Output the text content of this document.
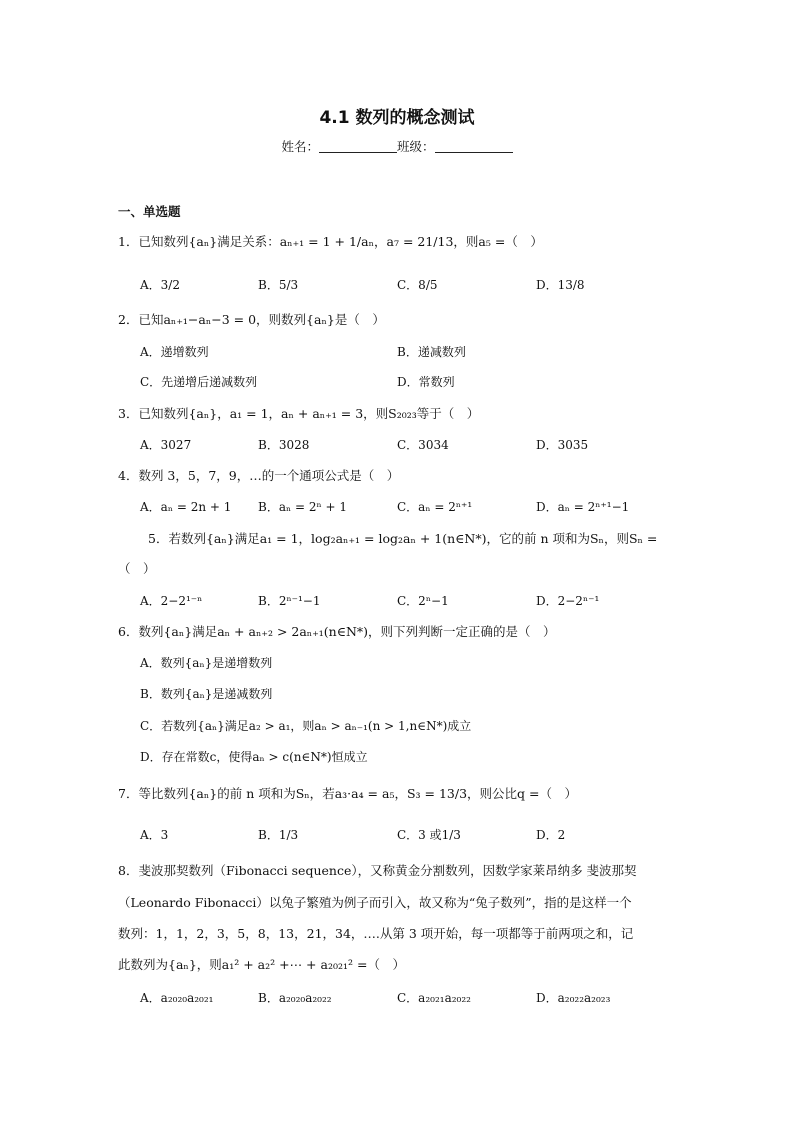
4.1 数列的概念测试
姓名：	班级：
一、单选题
1．已知数列{aₙ}满足关系：aₙ₊₁ = 1 + 1/aₙ，a₇ = 21/13，则a₅ =（　）
A．3/2	B．5/3	C．8/5	D．13/8
2．已知aₙ₊₁−aₙ−3 = 0，则数列{aₙ}是（　）
A．递增数列	B．递减数列
C．先递增后递减数列	D．常数列
3．已知数列{aₙ}，a₁ = 1，aₙ + aₙ₊₁ = 3，则S₂₀₂₃等于（　）
A．3027	B．3028	C．3034	D．3035
4．数列 3，5，7，9，…的一个通项公式是（　）
A．aₙ = 2n + 1 B．aₙ = 2ⁿ + 1	C．aₙ = 2ⁿ⁺¹	D．aₙ = 2ⁿ⁺¹−1
5．若数列{aₙ}满足a₁ = 1，log₂aₙ₊₁ = log₂aₙ + 1(n∈N*)，它的前 n 项和为Sₙ，则Sₙ =
（　）
A．2−2¹⁻ⁿ	B．2ⁿ⁻¹−1	C．2ⁿ−1	D．2−2ⁿ⁻¹
6．数列{aₙ}满足aₙ + aₙ₊₂ > 2aₙ₊₁(n∈N*)，则下列判断一定正确的是（　）
A．数列{aₙ}是递增数列
B．数列{aₙ}是递减数列
C．若数列{aₙ}满足a₂ > a₁，则aₙ > aₙ₋₁(n > 1,n∈N*)成立
D．存在常数c，使得aₙ > c(n∈N*)恒成立
7．等比数列{aₙ}的前 n 项和为Sₙ，若a₃·a₄ = a₅，S₃ = 13/3，则公比q =（　）
A．3	B．1/3	C．3 或1/3	D．2
8．斐波那契数列（Fibonacci sequence），又称黄金分割数列，因数学家莱昂纳多 斐波那契
（Leonardo Fibonacci）以兔子繁殖为例子而引入，故又称为“兔子数列”，指的是这样一个
数列：1，1，2，3，5，8，13，21，34，….从第 3 项开始，每一项都等于前两项之和，记
此数列为{aₙ}，则a₁² + a₂² +⋯ + a₂₀₂₁² =（　）
A．a₂₀₂₀a₂₀₂₁	B．a₂₀₂₀a₂₀₂₂	C．a₂₀₂₁a₂₀₂₂	D．a₂₀₂₂a₂₀₂₃
